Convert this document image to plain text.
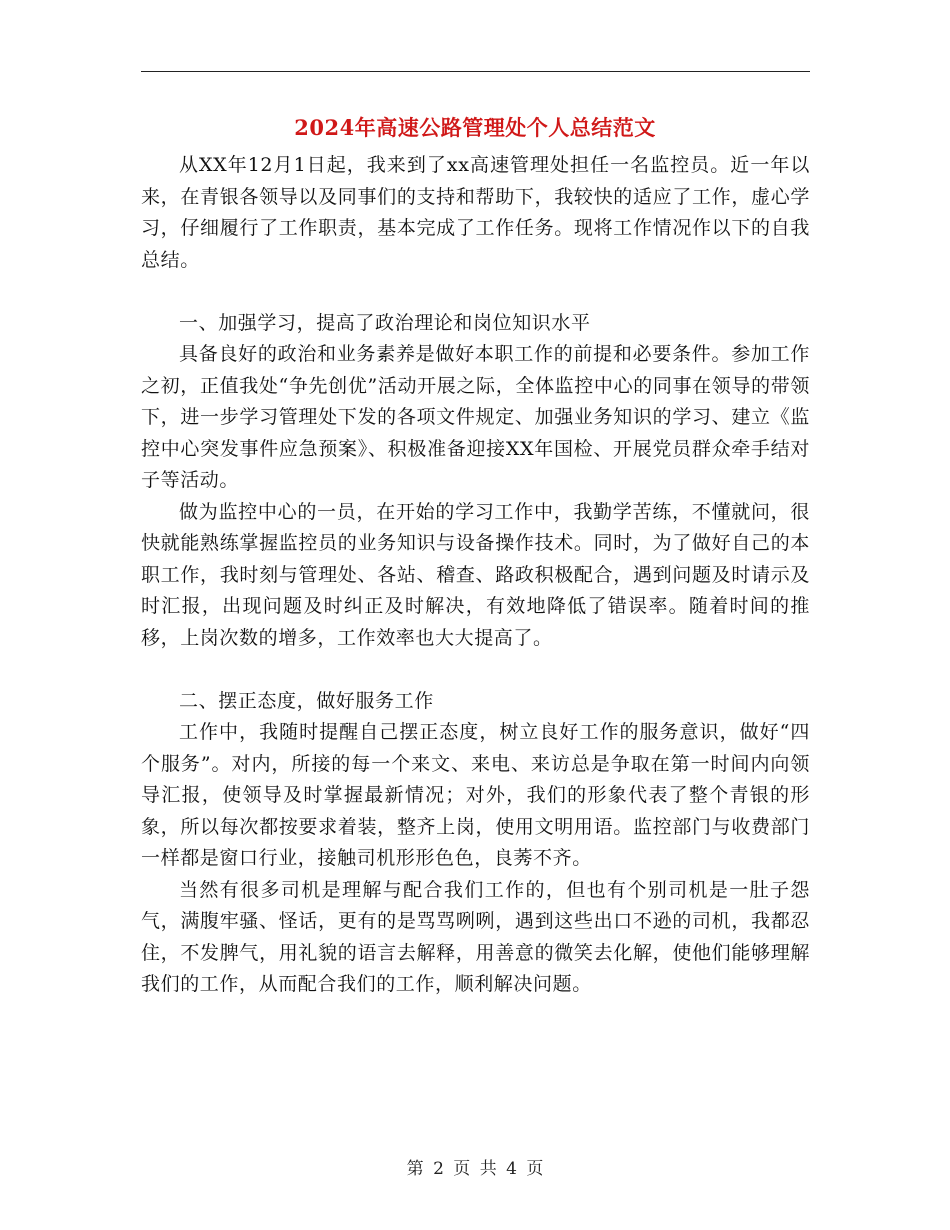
2024年高速公路管理处个人总结范文

从XX年12月1日起，我来到了xx高速管理处担任一名监控员。近一年以来，在青银各领导以及同事们的支持和帮助下，我较快的适应了工作，虚心学习，仔细履行了工作职责，基本完成了工作任务。现将工作情况作以下的自我总结。

一、加强学习，提高了政治理论和岗位知识水平

具备良好的政治和业务素养是做好本职工作的前提和必要条件。参加工作之初，正值我处“争先创优”活动开展之际，全体监控中心的同事在领导的带领下，进一步学习管理处下发的各项文件规定、加强业务知识的学习、建立《监控中心突发事件应急预案》、积极准备迎接XX年国检、开展党员群众牵手结对子等活动。

做为监控中心的一员，在开始的学习工作中，我勤学苦练，不懂就问，很快就能熟练掌握监控员的业务知识与设备操作技术。同时，为了做好自己的本职工作，我时刻与管理处、各站、稽查、路政积极配合，遇到问题及时请示及时汇报，出现问题及时纠正及时解决，有效地降低了错误率。随着时间的推移，上岗次数的增多，工作效率也大大提高了。

二、摆正态度，做好服务工作

工作中，我随时提醒自己摆正态度，树立良好工作的服务意识，做好“四个服务”。对内，所接的每一个来文、来电、来访总是争取在第一时间内向领导汇报，使领导及时掌握最新情况；对外，我们的形象代表了整个青银的形象，所以每次都按要求着装，整齐上岗，使用文明用语。监控部门与收费部门一样都是窗口行业，接触司机形形色色，良莠不齐。

当然有很多司机是理解与配合我们工作的，但也有个别司机是一肚子怨气，满腹牢骚、怪话，更有的是骂骂咧咧，遇到这些出口不逊的司机，我都忍住，不发脾气，用礼貌的语言去解释，用善意的微笑去化解，使他们能够理解我们的工作，从而配合我们的工作，顺利解决问题。

第 2 页 共 4 页
